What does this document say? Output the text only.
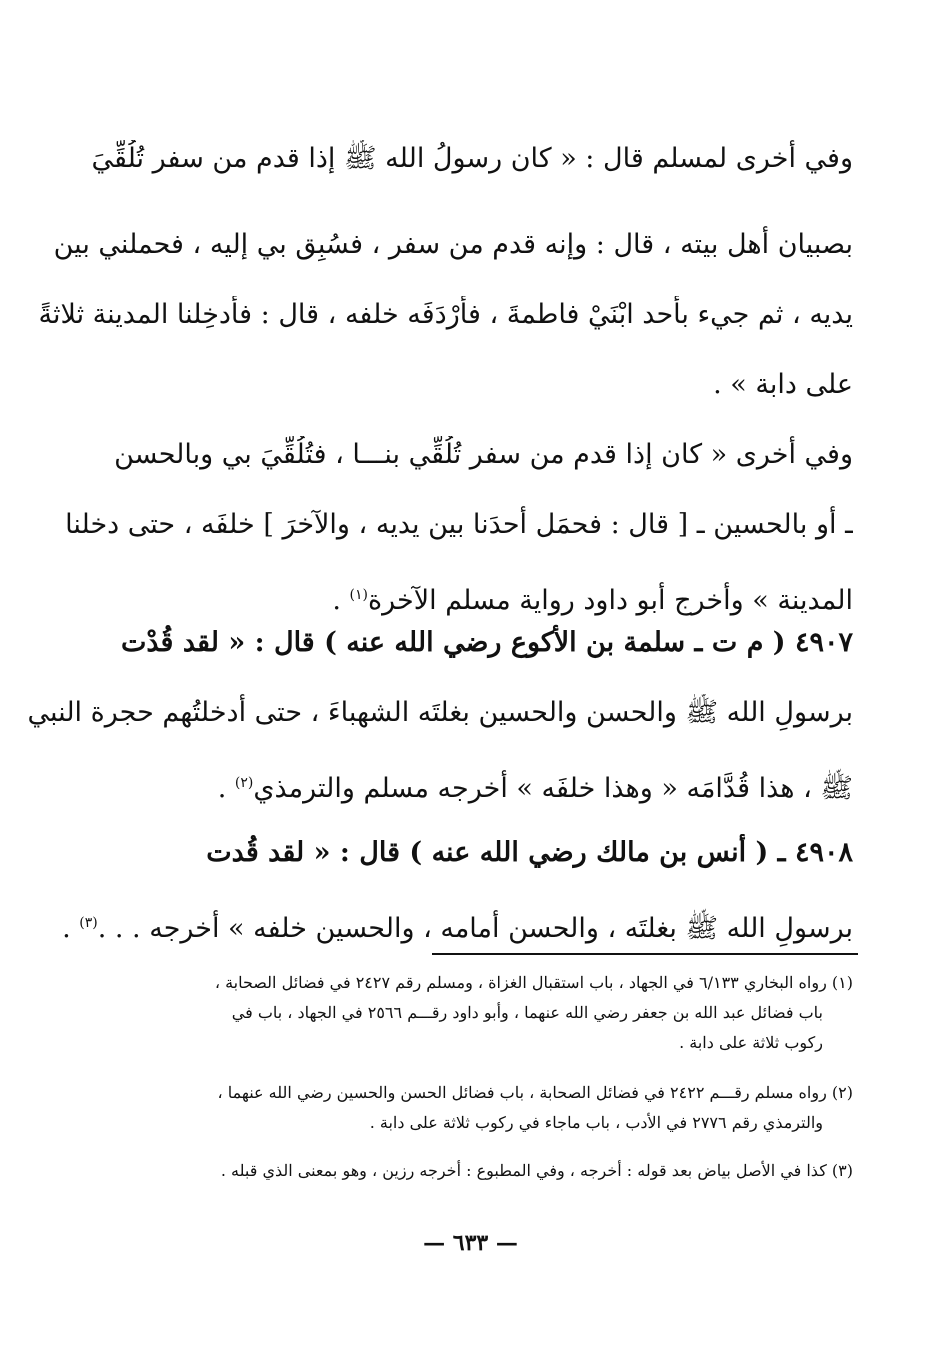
وفي أخرى لمسلم قال : « كان رسولُ الله ﷺ إذا قدم من سفر تُلُقِّيَ
بصبيان أهل بيته ، قال : وإنه قدم من سفر ، فسُبِق بي إليه ، فحملني بين
يديه ، ثم جيء بأحد ابْنَيْ فاطمةَ ، فأرْدَفَه خلفه ، قال : فأُدخِلنا المدينة ثلاثةً
على دابة » .
وفي أخرى « كان إذا قدم من سفر تُلُقِّي بنـــا ، فتُلُقِّيَ بي وبالحسن
ـ أو بالحسين ـ [ قال : فحمَل أحدَنا بين يديه ، والآخرَ ] خلفَه ، حتى دخلنا
المدينة » وأخرج أبو داود رواية مسلم الآخرة$^{(١)}$ .
٤٩٠٧ ( م ت ـ سلمة بن الأكوع رضي الله عنه ) قال : « لقد قُدْت
برسولِ الله ﷺ والحسن والحسين بغلتَه الشهباءَ ، حتى أدخلتُهم حجرة النبي
ﷺ ، هذا قُدَّامَه « وهذا خلفَه » أخرجه مسلم والترمذي$^{(٢)}$ .
٤٩٠٨ ـ ( أنس بن مالك رضي الله عنه ) قال : « لقد قُدت
برسولِ الله ﷺ بغلتَه ، والحسن أمامه ، والحسين خلفه » أخرجه . . .$^{(٣)}$ .
(١) رواه البخاري ٦/١٣٣ في الجهاد ، باب استقبال الغزاة ، ومسلم رقم ٢٤٢٧ في فضائل الصحابة ،
باب فضائل عبد الله بن جعفر رضي الله عنهما ، وأبو داود رقـــم ٢٥٦٦ في الجهاد ، باب في
ركوب ثلاثة على دابة .
(٢) رواه مسلم رقـــم ٢٤٢٢ في فضائل الصحابة ، باب فضائل الحسن والحسين رضي الله عنهما ،
والترمذي رقم ٢٧٧٦ في الأدب ، باب ماجاء في ركوب ثلاثة على دابة .
(٣) كذا في الأصل بياض بعد قوله : أخرجه ، وفي المطبوع : أخرجه رزين ، وهو بمعنى الذي قبله .
— ٦٣٣ —
